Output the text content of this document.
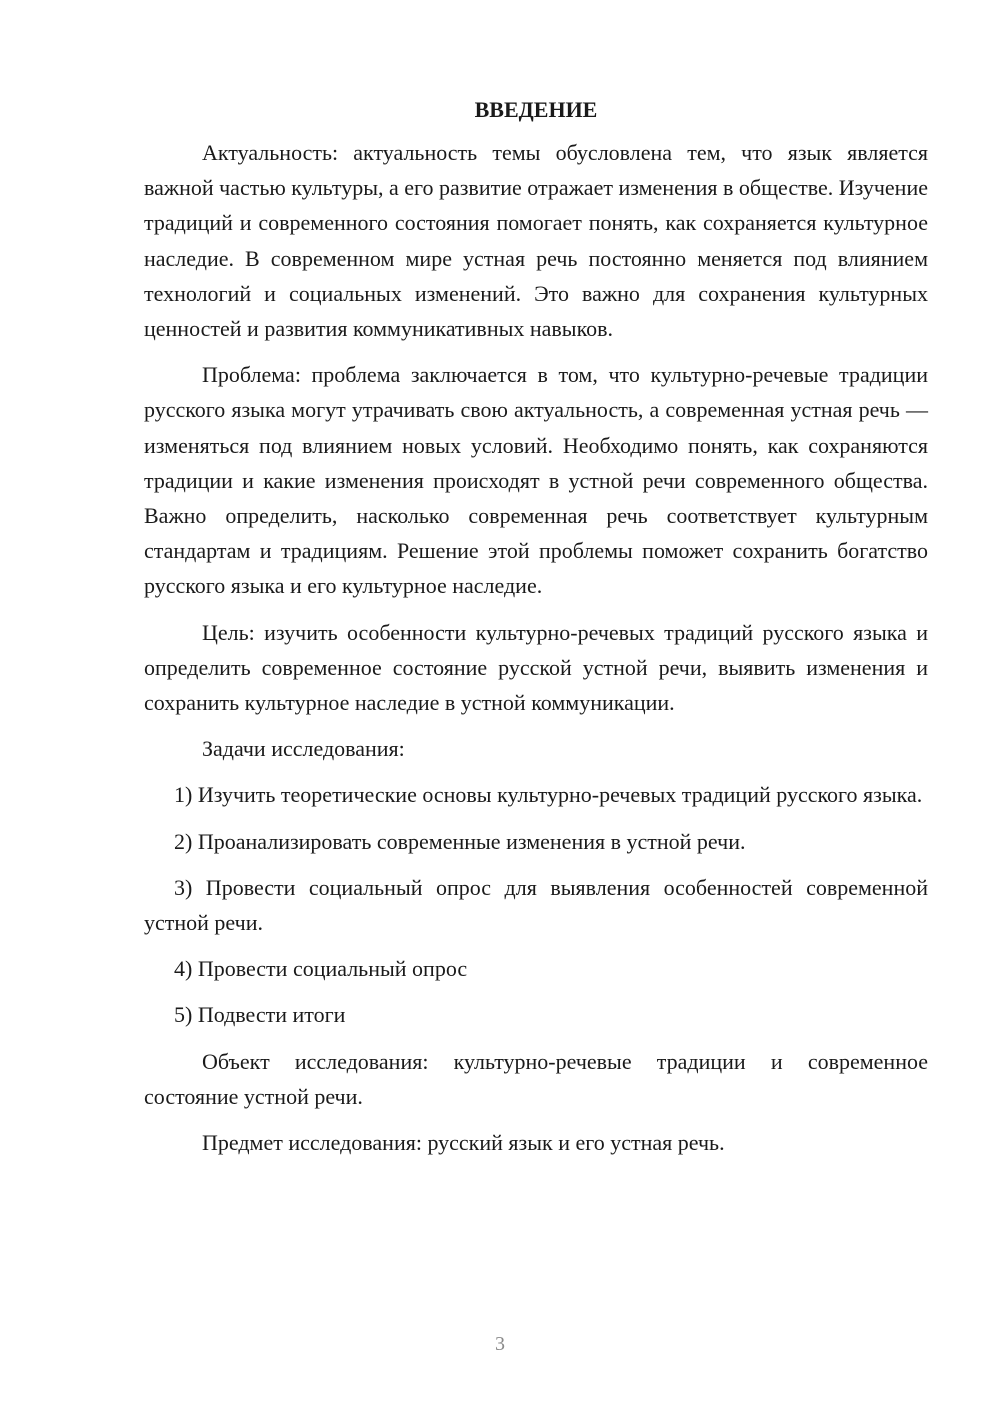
ВВЕДЕНИЕ

Актуальность: актуальность темы обусловлена тем, что язык является важной частью культуры, а его развитие отражает изменения в обществе. Изучение традиций и современного состояния помогает понять, как сохраняется культурное наследие. В современном мире устная речь постоянно меняется под влиянием технологий и социальных изменений. Это важно для сохранения культурных ценностей и развития коммуникативных навыков.

Проблема: проблема заключается в том, что культурно-речевые традиции русского языка могут утрачивать свою актуальность, а современная устная речь — изменяться под влиянием новых условий. Необходимо понять, как сохраняются традиции и какие изменения происходят в устной речи современного общества. Важно определить, насколько современная речь соответствует культурным стандартам и традициям. Решение этой проблемы поможет сохранить богатство русского языка и его культурное наследие.

Цель: изучить особенности культурно-речевых традиций русского языка и определить современное состояние русской устной речи, выявить изменения и сохранить культурное наследие в устной коммуникации.

Задачи исследования:

1) Изучить теоретические основы культурно-речевых традиций русского языка.

2) Проанализировать современные изменения в устной речи.

3) Провести социальный опрос для выявления особенностей современной устной речи.

4) Провести социальный опрос

5) Подвести итоги

Объект исследования: культурно-речевые традиции и современное состояние устной речи.

Предмет исследования: русский язык и его устная речь.

3
